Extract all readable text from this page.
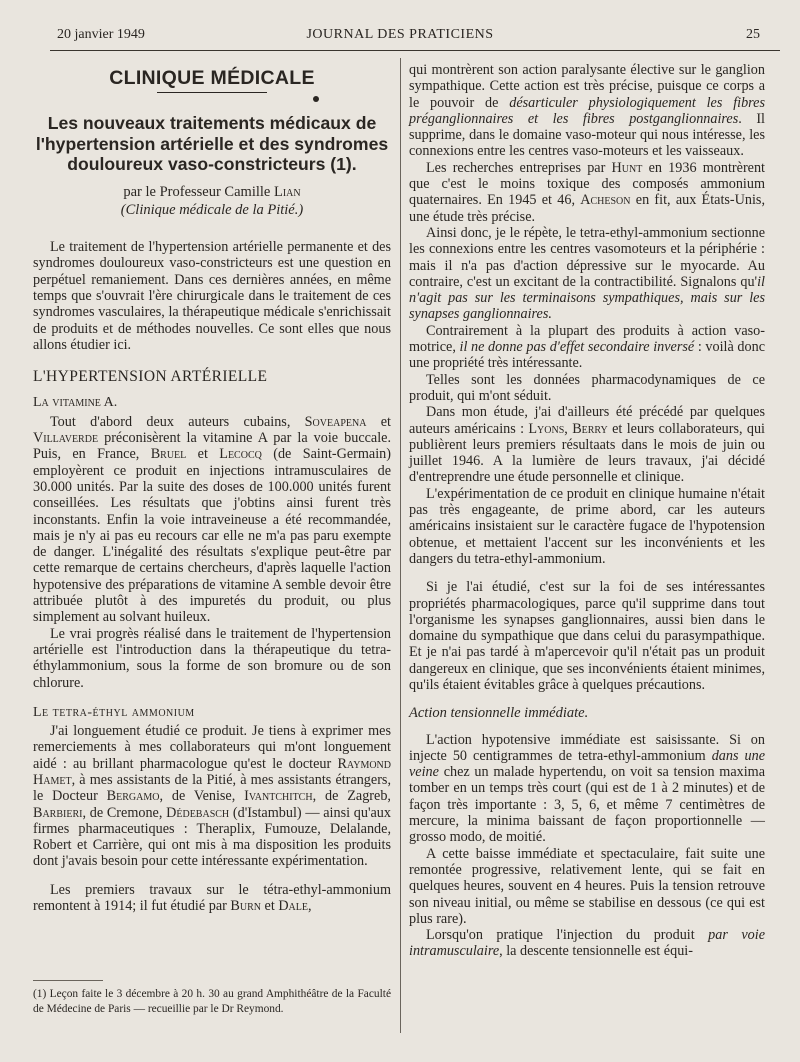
20 janvier 1949	JOURNAL DES PRATICIENS	25
CLINIQUE MÉDICALE
Les nouveaux traitements médicaux de l'hypertension artérielle et des syndromes douloureux vaso-constricteurs (1).

par le Professeur Camille Lian

(Clinique médicale de la Pitié.)

Le traitement de l'hypertension artérielle permanente et des syndromes douloureux vaso-constricteurs est une question en perpétuel remaniement. Dans ces dernières années, en même temps que s'ouvrait l'ère chirurgicale dans le traitement de ces syndromes vasculaires, la thérapeutique médicale s'enrichissait de produits et de méthodes nouvelles. Ce sont elles que nous allons étudier ici.

L'HYPERTENSION ARTÉRIELLE
La vitamine A.

Tout d'abord deux auteurs cubains, Soveapena et Villaverde préconisèrent la vitamine A par la voie buccale. Puis, en France, Bruel et Lecocq (de Saint-Germain) employèrent ce produit en injections intramusculaires de 30.000 unités. Par la suite des doses de 100.000 unités furent conseillées. Les résultats que j'obtins ainsi furent très inconstants. Enfin la voie intraveineuse a été recommandée, mais je n'y ai pas eu recours car elle ne m'a pas paru exempte de danger. L'inégalité des résultats s'explique peut-être par cette remarque de certains chercheurs, d'après laquelle l'action hypotensive des préparations de vitamine A semble devoir être attribuée plutôt à des impuretés du produit, ou plus simplement au solvant huileux.

Le vrai progrès réalisé dans le traitement de l'hypertension artérielle est l'introduction dans la thérapeutique du tetra-éthylammonium, sous la forme de son bromure ou de son chlorure.

Le tetra-éthyl ammonium

J'ai longuement étudié ce produit. Je tiens à exprimer mes remerciements à mes collaborateurs qui m'ont longuement aidé : au brillant pharmacologue qu'est le docteur Raymond Hamet, à mes assistants de la Pitié, à mes assistants étrangers, le Docteur Bergamo, de Venise, Ivantchitch, de Zagreb, Barbieri, de Cremone, Dédebasch (d'Istambul) — ainsi qu'aux firmes pharmaceutiques : Theraplix, Fumouze, Delalande, Robert et Carrière, qui ont mis à ma disposition les produits dont j'avais besoin pour cette intéressante expérimentation.

Les premiers travaux sur le tétra-ethyl-ammonium remontent à 1914; il fut étudié par Burn et Dale,

(1) Leçon faite le 3 décembre à 20 h. 30 au grand Amphithéâtre de la Faculté de Médecine de Paris — recueillie par le Dr Reymond.

qui montrèrent son action paralysante élective sur le ganglion sympathique. Cette action est très précise, puisque ce corps a le pouvoir de désarticuler physiologiquement les fibres préganglionnaires et les fibres postganglionnaires. Il supprime, dans le domaine vaso-moteur qui nous intéresse, les connexions entre les centres vaso-moteurs et les vaisseaux.

Les recherches entreprises par Hunt en 1936 montrèrent que c'est le moins toxique des composés ammonium quaternaires. En 1945 et 46, Acheson en fit, aux États-Unis, une étude très précise.

Ainsi donc, je le répète, le tetra-ethyl-ammonium sectionne les connexions entre les centres vasomoteurs et la périphérie : mais il n'a pas d'action dépressive sur le myocarde. Au contraire, c'est un excitant de la contractibilité. Signalons qu'il n'agit pas sur les terminaisons sympathiques, mais sur les synapses ganglionnaires.

Contrairement à la plupart des produits à action vaso-motrice, il ne donne pas d'effet secondaire inversé : voilà donc une propriété très intéressante.

Telles sont les données pharmacodynamiques de ce produit, qui m'ont séduit.

Dans mon étude, j'ai d'ailleurs été précédé par quelques auteurs américains : Lyons, Berry et leurs collaborateurs, qui publièrent leurs premiers résultaats dans le mois de juin ou juillet 1946. A la lumière de leurs travaux, j'ai décidé d'entreprendre une étude personnelle et clinique.

L'expérimentation de ce produit en clinique humaine n'était pas très engageante, de prime abord, car les auteurs américains insistaient sur le caractère fugace de l'hypotension obtenue, et mettaient l'accent sur les inconvénients et les dangers du tetra-ethyl-ammonium.

Si je l'ai étudié, c'est sur la foi de ses intéressantes propriétés pharmacologiques, parce qu'il supprime dans tout l'organisme les synapses ganglionnaires, aussi bien dans le domaine du sympathique que dans celui du parasympathique. Et je n'ai pas tardé à m'apercevoir qu'il n'était pas un produit dangereux en clinique, que ses inconvénients étaient minimes, qu'ils étaient évitables grâce à quelques précautions.

Action tensionnelle immédiate.

L'action hypotensive immédiate est saisissante. Si on injecte 50 centigrammes de tetra-ethyl-ammonium dans une veine chez un malade hypertendu, on voit sa tension maxima tomber en un temps très court (qui est de 1 à 2 minutes) et de façon très importante : 3, 5, 6, et même 7 centimètres de mercure, la minima baissant de façon proportionnelle — grosso modo, de moitié.

A cette baisse immédiate et spectaculaire, fait suite une remontée progressive, relativement lente, qui se fait en quelques heures, souvent en 4 heures. Puis la tension retrouve son niveau initial, ou même se stabilise en dessous (ce qui est plus rare).

Lorsqu'on pratique l'injection du produit par voie intramusculaire, la descente tensionnelle est équi-
